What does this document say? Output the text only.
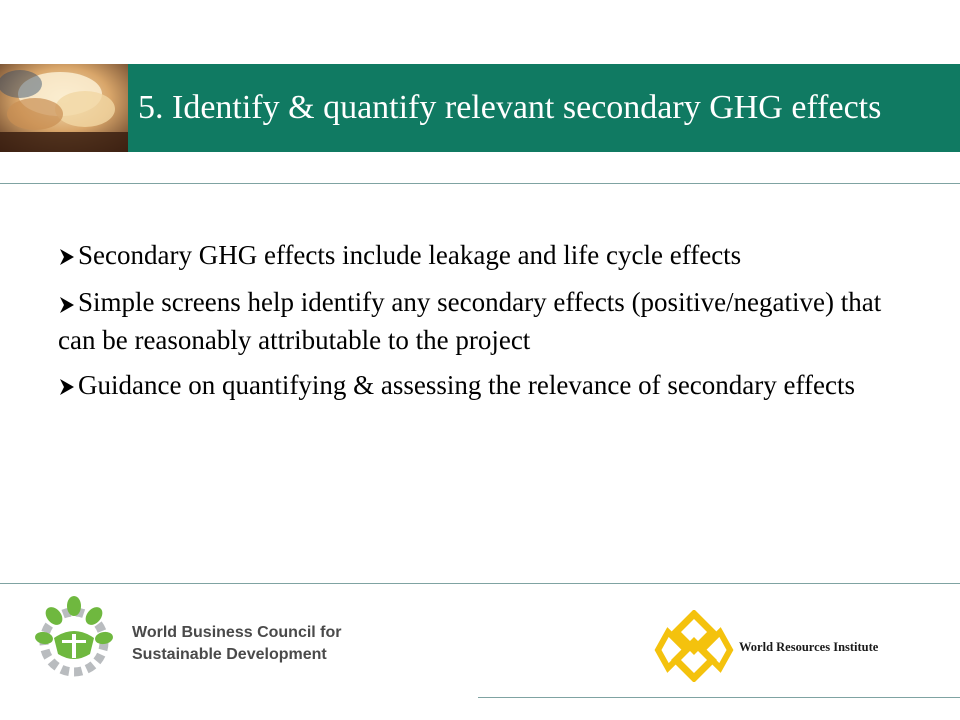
5. Identify & quantify relevant secondary GHG effects
Secondary GHG effects include leakage and life cycle effects
Simple screens help identify any secondary effects (positive/negative) that can be reasonably attributable to the project
Guidance on quantifying & assessing the relevance of secondary effects
World Business Council for
Sustainable Development	World Resources Institute
